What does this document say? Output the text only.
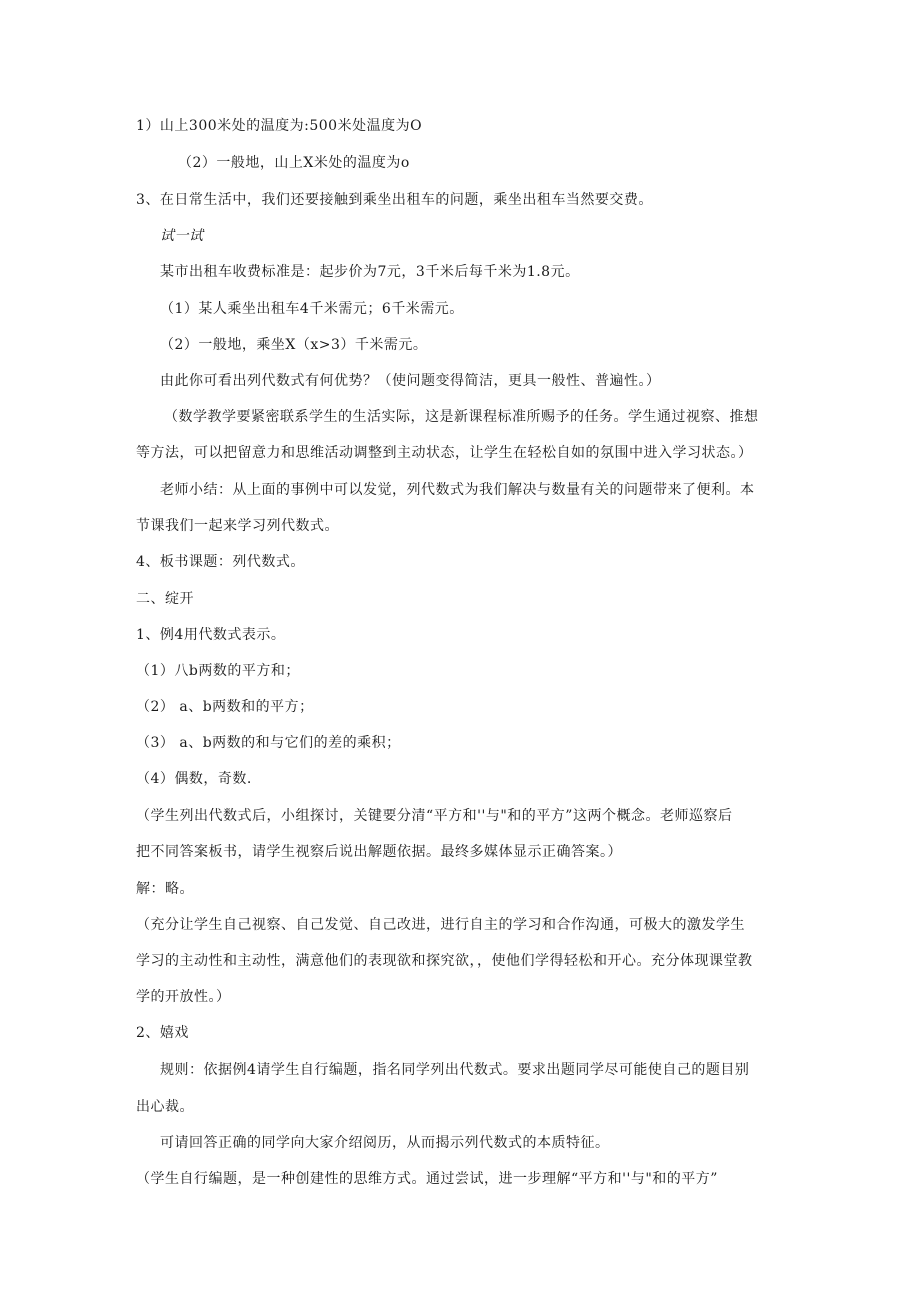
1）山上300米处的温度为:500米处温度为O
（2）一般地，山上X米处的温度为o
3、在日常生活中，我们还要接触到乘坐出租车的问题，乘坐出租车当然要交费。
试一试
某市出租车收费标准是：起步价为7元，3千米后每千米为1.8元。
（1）某人乘坐出租车4千米需元；6千米需元。
（2）一般地，乘坐X（x>3）千米需元。
由此你可看出列代数式有何优势？（使问题变得简洁，更具一般性、普遍性。）
（数学教学要紧密联系学生的生活实际，这是新课程标准所赐予的任务。学生通过视察、推想
等方法，可以把留意力和思维活动调整到主动状态，让学生在轻松自如的氛围中进入学习状态。）
老师小结：从上面的事例中可以发觉，列代数式为我们解决与数量有关的问题带来了便利。本
节课我们一起来学习列代数式。
4、板书课题：列代数式。
二、绽开
1、例4用代数式表示。
（1）八b两数的平方和；
（2） a、b两数和的平方；
（3） a、b两数的和与它们的差的乘积；
（4）偶数，奇数.
（学生列出代数式后，小组探讨，关键要分清“平方和''与"和的平方”这两个概念。老师巡察后
把不同答案板书，请学生视察后说出解题依据。最终多媒体显示正确答案。）
解：略。
（充分让学生自己视察、自己发觉、自己改进，进行自主的学习和合作沟通，可极大的激发学生
学习的主动性和主动性，满意他们的表现欲和探究欲，，使他们学得轻松和开心。充分体现课堂教
学的开放性。）
2、嬉戏
规则：依据例4请学生自行编题，指名同学列出代数式。要求出题同学尽可能使自己的题目别
出心裁。
可请回答正确的同学向大家介绍阅历，从而揭示列代数式的本质特征。
（学生自行编题，是一种创建性的思维方式。通过尝试，进一步理解“平方和''与"和的平方”
